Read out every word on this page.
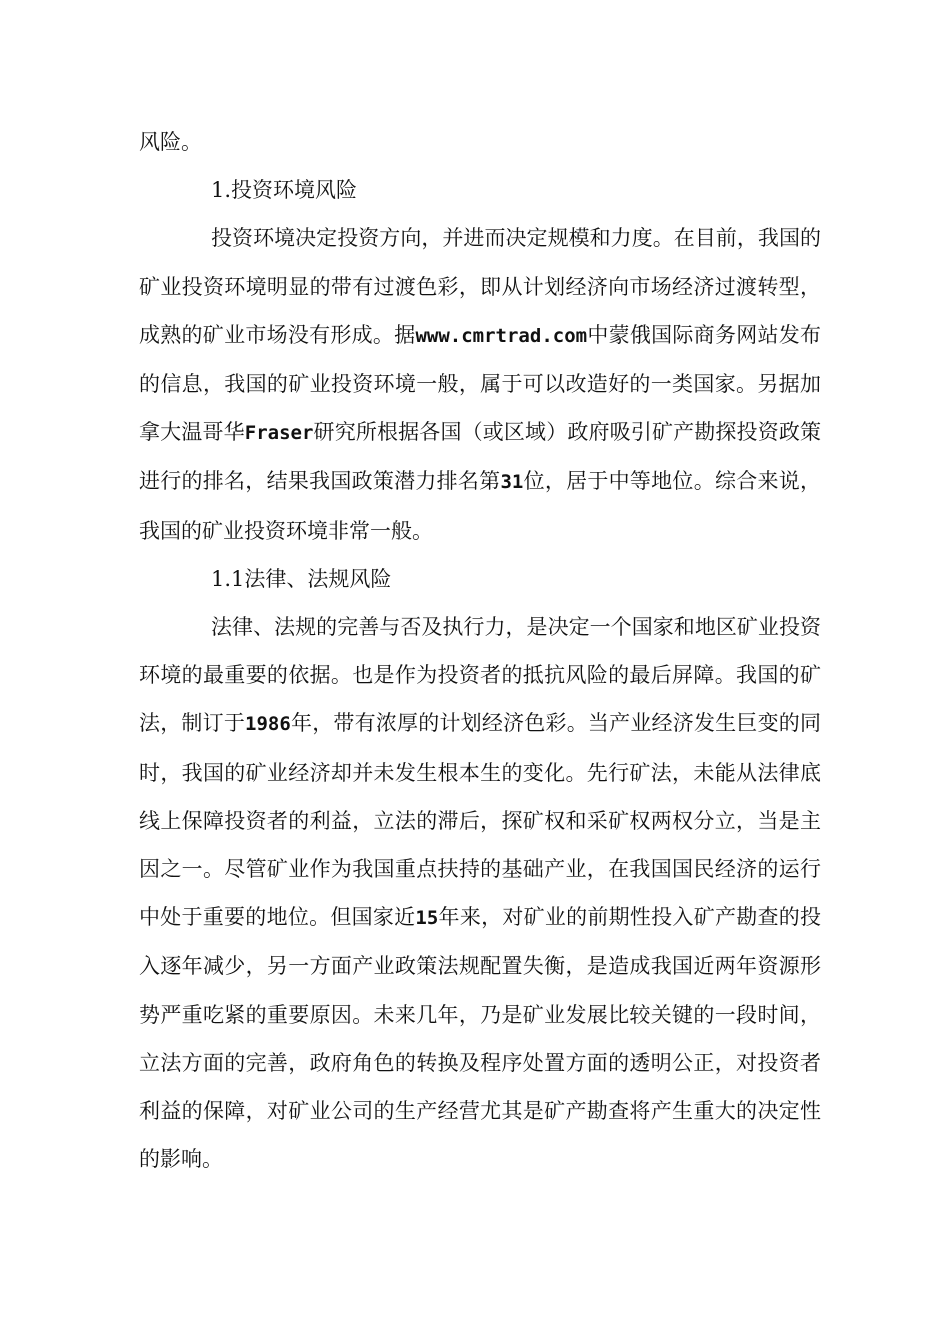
风险。

1.投资环境风险

投资环境决定投资方向，并进而决定规模和力度。在目前，我国的矿业投资环境明显的带有过渡色彩，即从计划经济向市场经济过渡转型，成熟的矿业市场没有形成。据www.cmrtrad.com中蒙俄国际商务网站发布的信息，我国的矿业投资环境一般，属于可以改造好的一类国家。另据加拿大温哥华Fraser研究所根据各国（或区域）政府吸引矿产勘探投资政策进行的排名，结果我国政策潜力排名第31位，居于中等地位。综合来说，我国的矿业投资环境非常一般。

1.1法律、法规风险

法律、法规的完善与否及执行力，是决定一个国家和地区矿业投资环境的最重要的依据。也是作为投资者的抵抗风险的最后屏障。我国的矿法，制订于1986年，带有浓厚的计划经济色彩。当产业经济发生巨变的同时，我国的矿业经济却并未发生根本生的变化。先行矿法，未能从法律底线上保障投资者的利益，立法的滞后，探矿权和采矿权两权分立，当是主因之一。尽管矿业作为我国重点扶持的基础产业，在我国国民经济的运行中处于重要的地位。但国家近15年来，对矿业的前期性投入矿产勘查的投入逐年减少，另一方面产业政策法规配置失衡，是造成我国近两年资源形势严重吃紧的重要原因。未来几年，乃是矿业发展比较关键的一段时间，立法方面的完善，政府角色的转换及程序处置方面的透明公正，对投资者利益的保障，对矿业公司的生产经营尤其是矿产勘查将产生重大的决定性的影响。
